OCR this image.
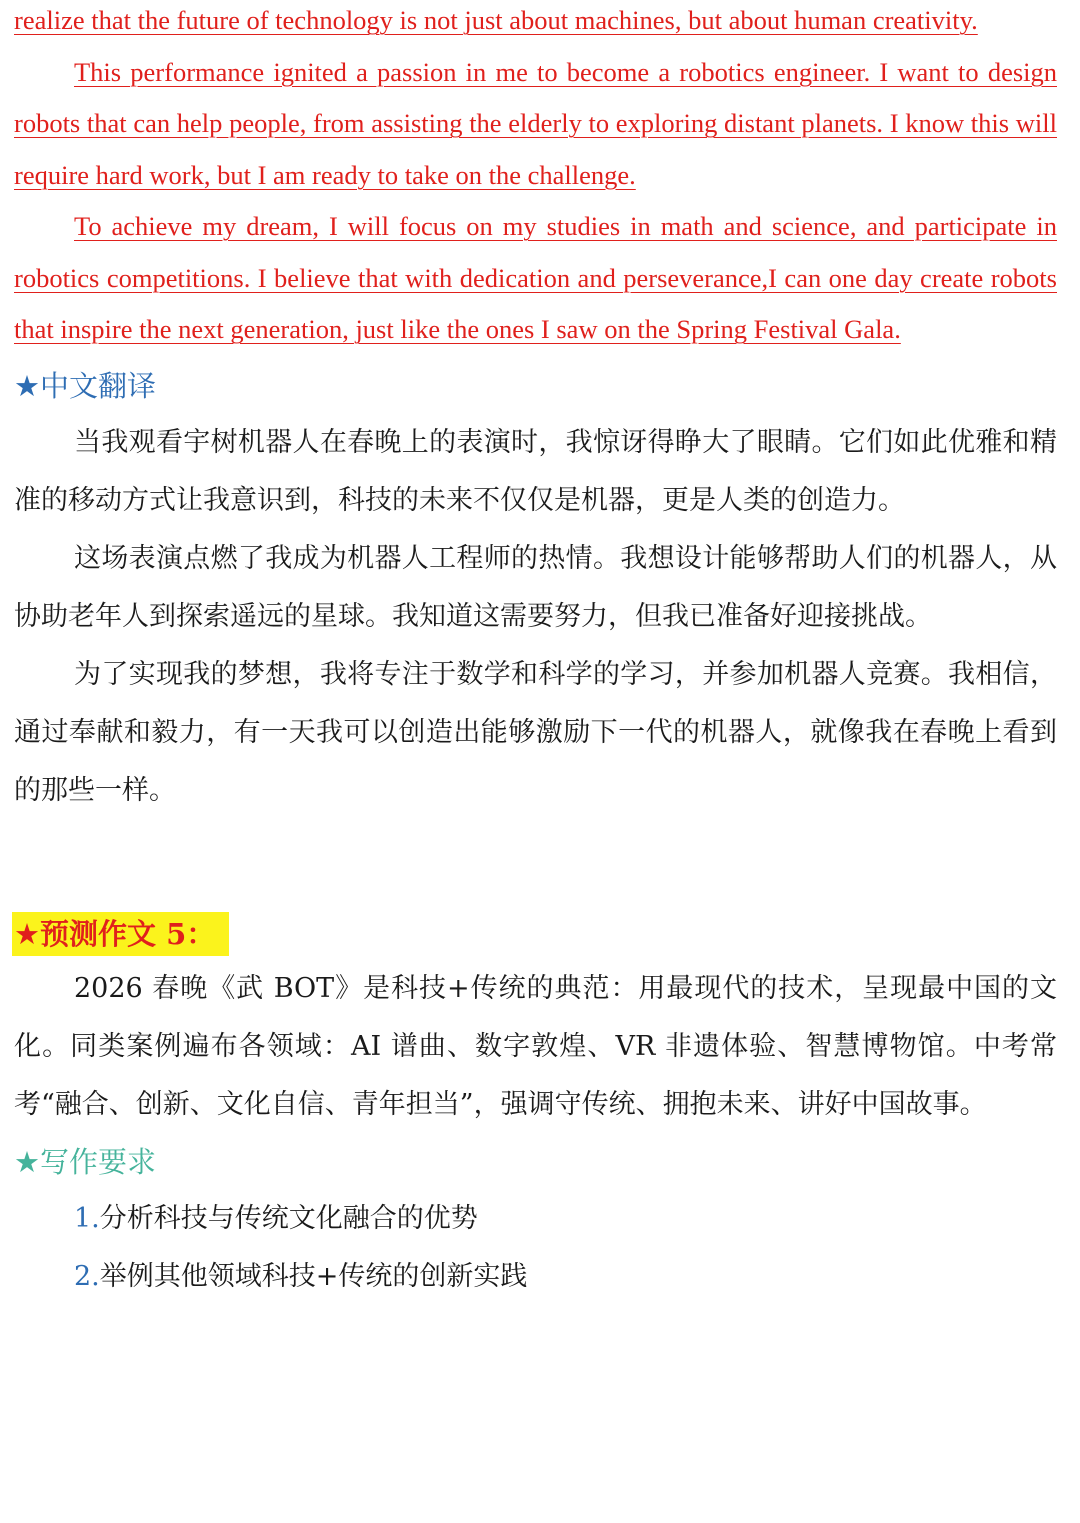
realize that the future of technology is not just about machines, but about human creativity.

This performance ignited a passion in me to become a robotics engineer. I want to design robots that can help people, from assisting the elderly to exploring distant planets. I know this will require hard work, but I am ready to take on the challenge.

To achieve my dream, I will focus on my studies in math and science, and participate in robotics competitions. I believe that with dedication and perseverance,I can one day create robots that inspire the next generation, just like the ones I saw on the Spring Festival Gala.

★中文翻译

当我观看宇树机器人在春晚上的表演时，我惊讶得睁大了眼睛。它们如此优雅和精准的移动方式让我意识到，科技的未来不仅仅是机器，更是人类的创造力。

这场表演点燃了我成为机器人工程师的热情。我想设计能够帮助人们的机器人，从协助老年人到探索遥远的星球。我知道这需要努力，但我已准备好迎接挑战。

为了实现我的梦想，我将专注于数学和科学的学习，并参加机器人竞赛。我相信，通过奉献和毅力，有一天我可以创造出能够激励下一代的机器人，就像我在春晚上看到的那些一样。

★预测作文 5：

2026 春晚《武 BOT》是科技+传统的典范：用最现代的技术，呈现最中国的文化。同类案例遍布各领域：AI 谱曲、数字敦煌、VR 非遗体验、智慧博物馆。中考常考“融合、创新、文化自信、青年担当”，强调守传统、拥抱未来、讲好中国故事。

★写作要求

1.分析科技与传统文化融合的优势

2.举例其他领域科技+传统的创新实践
